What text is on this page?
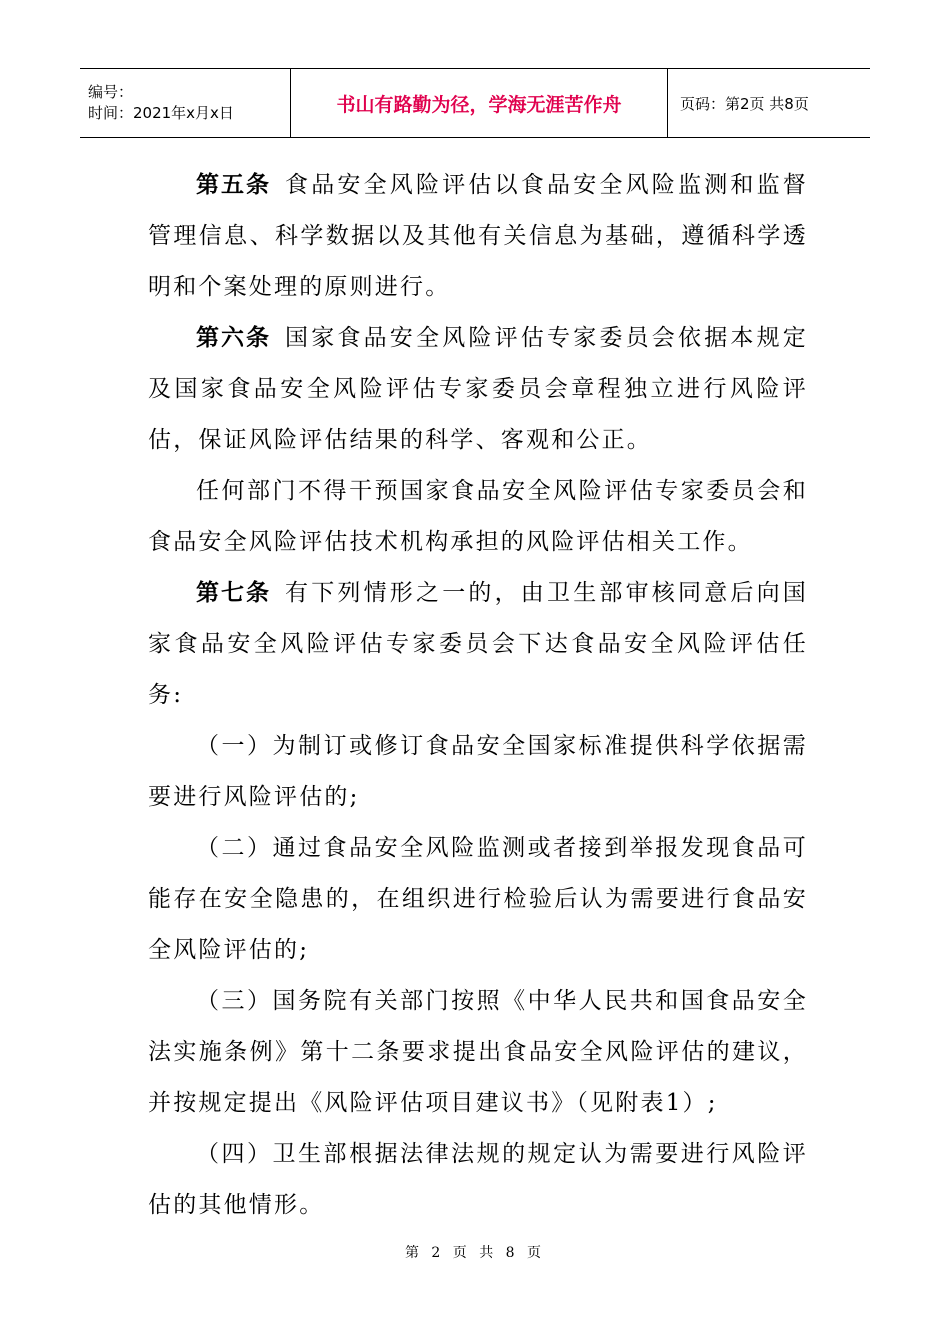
编号：
时间：2021年x月x日	书山有路勤为径，学海无涯苦作舟	页码：第2页 共8页

第五条 食品安全风险评估以食品安全风险监测和监督管理信息、科学数据以及其他有关信息为基础，遵循科学透明和个案处理的原则进行。

第六条 国家食品安全风险评估专家委员会依据本规定及国家食品安全风险评估专家委员会章程独立进行风险评估，保证风险评估结果的科学、客观和公正。

任何部门不得干预国家食品安全风险评估专家委员会和食品安全风险评估技术机构承担的风险评估相关工作。

第七条 有下列情形之一的，由卫生部审核同意后向国家食品安全风险评估专家委员会下达食品安全风险评估任务:

（一）为制订或修订食品安全国家标准提供科学依据需要进行风险评估的;

（二）通过食品安全风险监测或者接到举报发现食品可能存在安全隐患的，在组织进行检验后认为需要进行食品安全风险评估的;

（三）国务院有关部门按照《中华人民共和国食品安全法实施条例》第十二条要求提出食品安全风险评估的建议，并按规定提出《风险评估项目建议书》（见附表1）;

（四）卫生部根据法律法规的规定认为需要进行风险评估的其他情形。

第 2 页 共 8 页
